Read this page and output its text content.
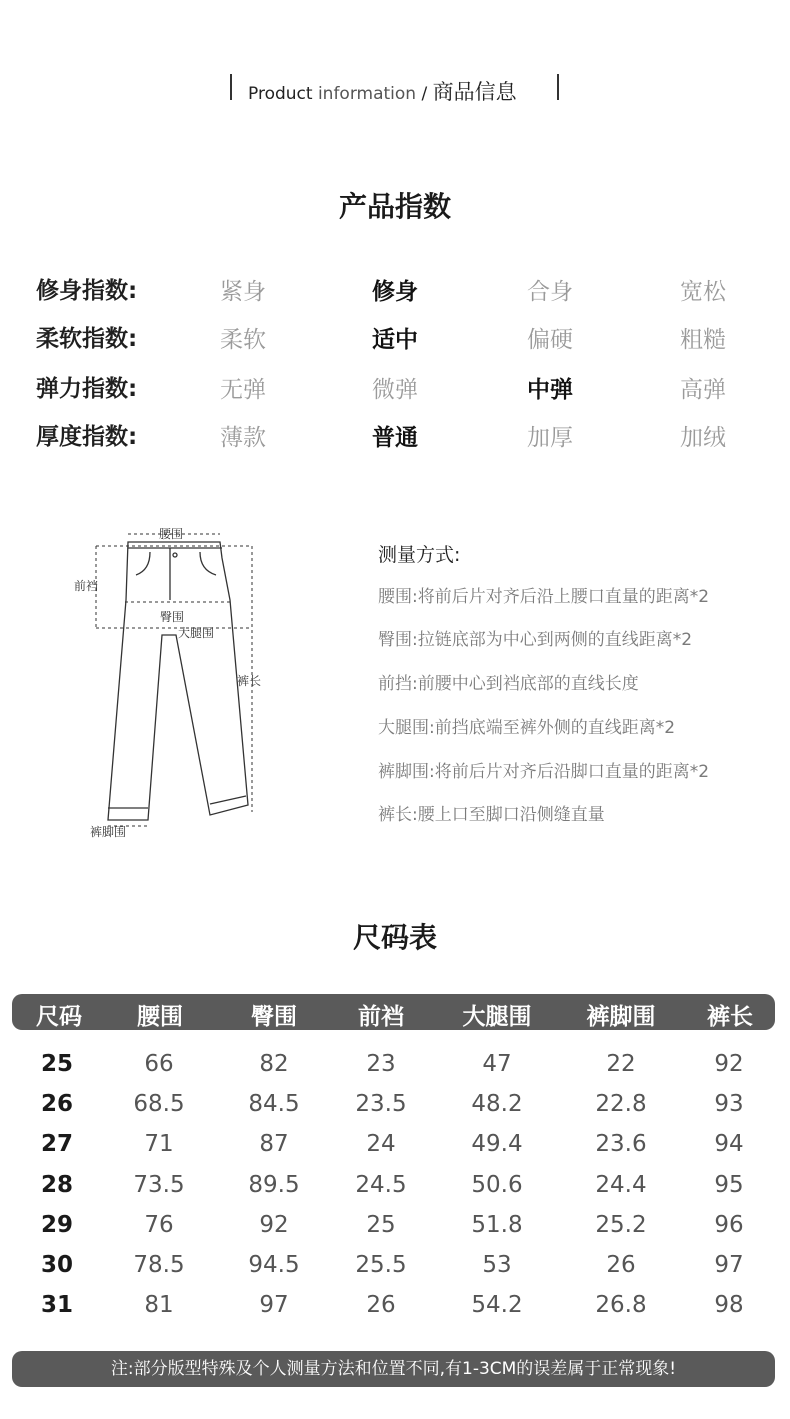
Product information / 商品信息
产品指数
修身指数:	紧身	修身	合身	宽松
柔软指数:	柔软	适中	偏硬	粗糙
弹力指数:	无弹	微弹	中弹	高弹
厚度指数:	薄款	普通	加厚	加绒
腰围
前裆
臀围
大腿围
裤长
裤脚围
测量方式:
腰围:将前后片对齐后沿上腰口直量的距离*2
臀围:拉链底部为中心到两侧的直线距离*2
前挡:前腰中心到裆底部的直线长度
大腿围:前挡底端至裤外侧的直线距离*2
裤脚围:将前后片对齐后沿脚口直量的距离*2
裤长:腰上口至脚口沿侧缝直量
尺码表
尺码 腰围	臀围	前裆	大腿围 裤脚围 裤长
25	66	82	23	47	22	92
26	68.5	84.5 23.5	48.2	22.8	93
27	71	87	24	49.4	23.6	94
28	73.5	89.5 24.5	50.6	24.4	95
29	76	92	25	51.8	25.2	96
30	78.5	94.5 25.5	53	26	97
31	81	97	26	54.2	26.8	98
注:部分版型特殊及个人测量方法和位置不同,有1-3CM的误差属于正常现象!
